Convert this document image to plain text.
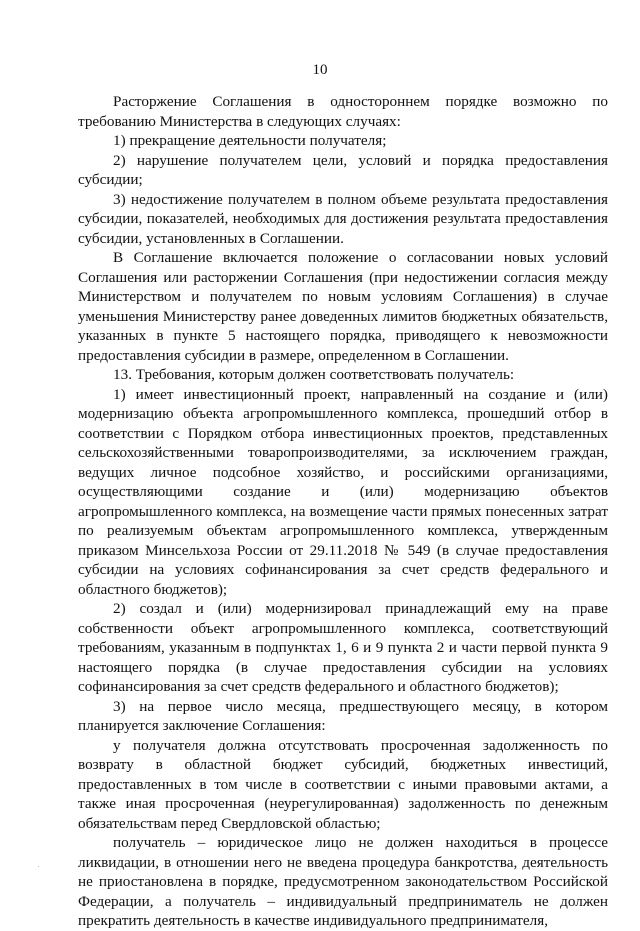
10

Расторжение Соглашения в одностороннем порядке возможно по требованию Министерства в следующих случаях:

1) прекращение деятельности получателя;

2) нарушение получателем цели, условий и порядка предоставления субсидии;

3) недостижение получателем в полном объеме результата предоставления субсидии, показателей, необходимых для достижения результата предоставления субсидии, установленных в Соглашении.

В Соглашение включается положение о согласовании новых условий Соглашения или расторжении Соглашения (при недостижении согласия между Министерством и получателем по новым условиям Соглашения) в случае уменьшения Министерству ранее доведенных лимитов бюджетных обязательств, указанных в пункте 5 настоящего порядка, приводящего к невозможности предоставления субсидии в размере, определенном в Соглашении.

13. Требования, которым должен соответствовать получатель:

1) имеет инвестиционный проект, направленный на создание и (или) модернизацию объекта агропромышленного комплекса, прошедший отбор в соответствии с Порядком отбора инвестиционных проектов, представленных сельскохозяйственными товаропроизводителями, за исключением граждан, ведущих личное подсобное хозяйство, и российскими организациями, осуществляющими создание и (или) модернизацию объектов агропромышленного комплекса, на возмещение части прямых понесенных затрат по реализуемым объектам агропромышленного комплекса, утвержденным приказом Минсельхоза России от 29.11.2018 № 549 (в случае предоставления субсидии на условиях софинансирования за счет средств федерального и областного бюджетов);

2) создал и (или) модернизировал принадлежащий ему на праве собственности объект агропромышленного комплекса, соответствующий требованиям, указанным в подпунктах 1, 6 и 9 пункта 2 и части первой пункта 9 настоящего порядка (в случае предоставления субсидии на условиях софинансирования за счет средств федерального и областного бюджетов);

3) на первое число месяца, предшествующего месяцу, в котором планируется заключение Соглашения:

у получателя должна отсутствовать просроченная задолженность по возврату в областной бюджет субсидий, бюджетных инвестиций, предоставленных в том числе в соответствии с иными правовыми актами, а также иная просроченная (неурегулированная) задолженность по денежным обязательствам перед Свердловской областью;

получатель – юридическое лицо не должен находиться в процессе ликвидации, в отношении него не введена процедура банкротства, деятельность не приостановлена в порядке, предусмотренном законодательством Российской Федерации, а получатель – индивидуальный предприниматель не должен прекратить деятельность в качестве индивидуального предпринимателя,
